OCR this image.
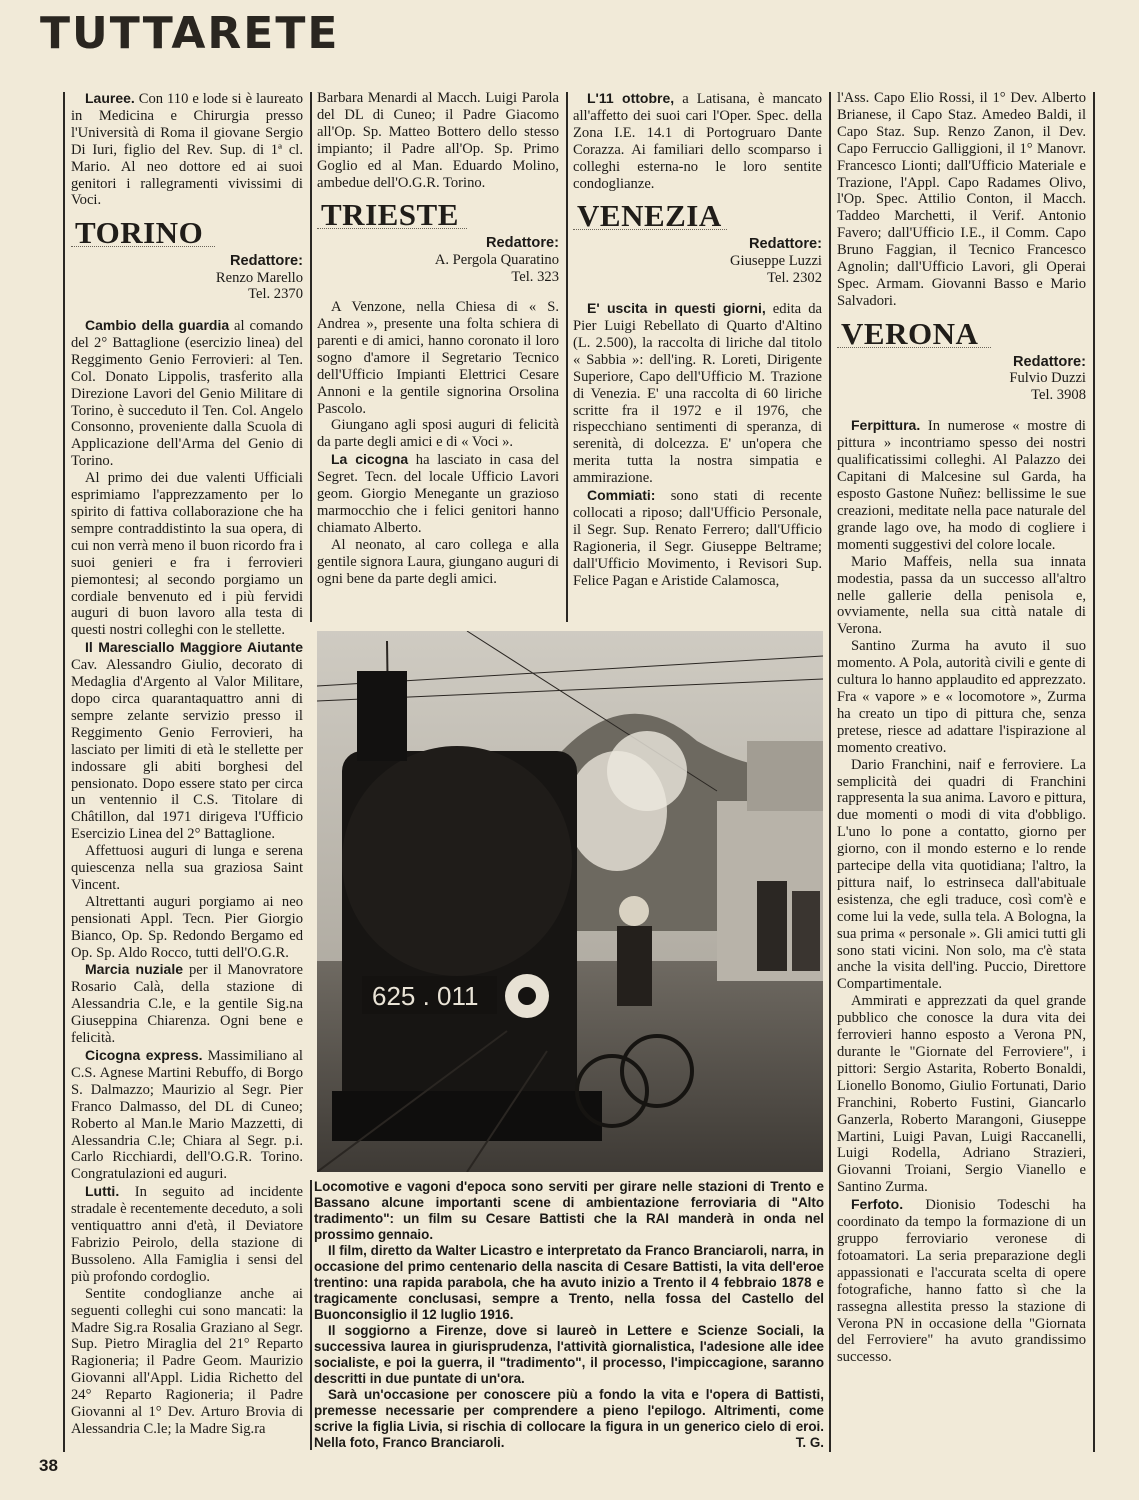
TUTTARETE

Lauree. Con 110 e lode si è laureato in Medicina e Chirurgia presso l'Università di Roma il giovane Sergio Di Iuri, figlio del Rev. Sup. di 1ª cl. Mario. Al neo dottore ed ai suoi genitori i rallegramenti vivissimi di Voci.

TORINO
Redattore:
Renzo Marello
Tel. 2370

Cambio della guardia al comando del 2° Battaglione (esercizio linea) del Reggimento Genio Ferrovieri: al Ten. Col. Donato Lippolis, trasferito alla Direzione Lavori del Genio Militare di Torino, è succeduto il Ten. Col. Angelo Consonno, proveniente dalla Scuola di Applicazione dell'Arma del Genio di Torino.

Al primo dei due valenti Ufficiali esprimiamo l'apprezzamento per lo spirito di fattiva collaborazione che ha sempre contraddistinto la sua opera, di cui non verrà meno il buon ricordo fra i suoi genieri e fra i ferrovieri piemontesi; al secondo porgiamo un cordiale benvenuto ed i più fervidi auguri di buon lavoro alla testa di questi nostri colleghi con le stellette.

Il Maresciallo Maggiore Aiutante Cav. Alessandro Giulio, decorato di Medaglia d'Argento al Valor Militare, dopo circa quarantaquattro anni di sempre zelante servizio presso il Reggimento Genio Ferrovieri, ha lasciato per limiti di età le stellette per indossare gli abiti borghesi del pensionato. Dopo essere stato per circa un ventennio il C.S. Titolare di Châtillon, dal 1971 dirigeva l'Ufficio Esercizio Linea del 2° Battaglione.

Affettuosi auguri di lunga e serena quiescenza nella sua graziosa Saint Vincent.

Altrettanti auguri porgiamo ai neo pensionati Appl. Tecn. Pier Giorgio Bianco, Op. Sp. Redondo Bergamo ed Op. Sp. Aldo Rocco, tutti dell'O.G.R.

Marcia nuziale per il Manovratore Rosario Calà, della stazione di Alessandria C.le, e la gentile Sig.na Giuseppina Chiarenza. Ogni bene e felicità.

Cicogna express. Massimiliano al C.S. Agnese Martini Rebuffo, di Borgo S. Dalmazzo; Maurizio al Segr. Pier Franco Dalmasso, del DL di Cuneo; Roberto al Man.le Mario Mazzetti, di Alessandria C.le; Chiara al Segr. p.i. Carlo Ricchiardi, dell'O.G.R. Torino. Congratulazioni ed auguri.

Lutti. In seguito ad incidente stradale è recentemente deceduto, a soli ventiquattro anni d'età, il Deviatore Fabrizio Peirolo, della stazione di Bussoleno. Alla Famiglia i sensi del più profondo cordoglio.

Sentite condoglianze anche ai seguenti colleghi cui sono mancati: la Madre Sig.ra Rosalia Graziano al Segr. Sup. Pietro Miraglia del 21° Reparto Ragioneria; il Padre Geom. Maurizio Giovanni all'Appl. Lidia Richetto del 24° Reparto Ragioneria; il Padre Giovanni al 1° Dev. Arturo Brovia di Alessandria C.le; la Madre Sig.ra

Barbara Menardi al Macch. Luigi Parola del DL di Cuneo; il Padre Giacomo all'Op. Sp. Matteo Bottero dello stesso impianto; il Padre all'Op. Sp. Primo Goglio ed al Man. Eduardo Molino, ambedue dell'O.G.R. Torino.

TRIESTE
Redattore:
A. Pergola Quaratino
Tel. 323

A Venzone, nella Chiesa di « S. Andrea », presente una folta schiera di parenti e di amici, hanno coronato il loro sogno d'amore il Segretario Tecnico dell'Ufficio Impianti Elettrici Cesare Annoni e la gentile signorina Orsolina Pascolo.

Giungano agli sposi auguri di felicità da parte degli amici e di « Voci ».

La cicogna ha lasciato in casa del Segret. Tecn. del locale Ufficio Lavori geom. Giorgio Menegante un grazioso marmocchio che i felici genitori hanno chiamato Alberto.

Al neonato, al caro collega e alla gentile signora Laura, giungano auguri di ogni bene da parte degli amici.

L'11 ottobre, a Latisana, è mancato all'affetto dei suoi cari l'Oper. Spec. della Zona I.E. 14.1 di Portogruaro Dante Corazza. Ai familiari dello scomparso i colleghi esterna-no le loro sentite condoglianze.

VENEZIA
Redattore:
Giuseppe Luzzi
Tel. 2302

E' uscita in questi giorni, edita da Pier Luigi Rebellato di Quarto d'Altino (L. 2.500), la raccolta di liriche dal titolo « Sabbia »: dell'ing. R. Loreti, Dirigente Superiore, Capo dell'Ufficio M. Trazione di Venezia. E' una raccolta di 60 liriche scritte fra il 1972 e il 1976, che rispecchiano sentimenti di speranza, di serenità, di dolcezza. E' un'opera che merita tutta la nostra simpatia e ammirazione.

Commiati: sono stati di recente collocati a riposo; dall'Ufficio Personale, il Segr. Sup. Renato Ferrero; dall'Ufficio Ragioneria, il Segr. Giuseppe Beltrame; dall'Ufficio Movimento, i Revisori Sup. Felice Pagan e Aristide Calamosca,

l'Ass. Capo Elio Rossi, il 1° Dev. Alberto Brianese, il Capo Staz. Amedeo Baldi, il Capo Staz. Sup. Renzo Zanon, il Dev. Capo Ferruccio Galliggioni, il 1° Manovr. Francesco Lionti; dall'Ufficio Materiale e Trazione, l'Appl. Capo Radames Olivo, l'Op. Spec. Attilio Conton, il Macch. Taddeo Marchetti, il Verif. Antonio Favero; dall'Ufficio I.E., il Comm. Capo Bruno Faggian, il Tecnico Francesco Agnolin; dall'Ufficio Lavori, gli Operai Spec. Armam. Giovanni Basso e Mario Salvadori.

VERONA
Redattore:
Fulvio Duzzi
Tel. 3908

Ferpittura. In numerose « mostre di pittura » incontriamo spesso dei nostri qualificatissimi colleghi. Al Palazzo dei Capitani di Malcesine sul Garda, ha esposto Gastone Nuñez: bellissime le sue creazioni, meditate nella pace naturale del grande lago ove, ha modo di cogliere i momenti suggestivi del colore locale.

Mario Maffeis, nella sua innata modestia, passa da un successo all'altro nelle gallerie della penisola e, ovviamente, nella sua città natale di Verona.

Santino Zurma ha avuto il suo momento. A Pola, autorità civili e gente di cultura lo hanno applaudito ed apprezzato. Fra « vapore » e « locomotore », Zurma ha creato un tipo di pittura che, senza pretese, riesce ad adattare l'ispirazione al momento creativo.

Dario Franchini, naif e ferroviere. La semplicità dei quadri di Franchini rappresenta la sua anima. Lavoro e pittura, due momenti o modi di vita d'obbligo. L'uno lo pone a contatto, giorno per giorno, con il mondo esterno e lo rende partecipe della vita quotidiana; l'altro, la pittura naif, lo estrinseca dall'abituale esistenza, che egli traduce, così com'è e come lui la vede, sulla tela. A Bologna, la sua prima « personale ». Gli amici tutti gli sono stati vicini. Non solo, ma c'è stata anche la visita dell'ing. Puccio, Direttore Compartimentale.

Ammirati e apprezzati da quel grande pubblico che conosce la dura vita dei ferrovieri hanno esposto a Verona PN, durante le "Giornate del Ferroviere", i pittori: Sergio Astarita, Roberto Bonaldi, Lionello Bonomo, Giulio Fortunati, Dario Franchini, Roberto Fustini, Giancarlo Ganzerla, Roberto Marangoni, Giuseppe Martini, Luigi Pavan, Luigi Raccanelli, Luigi Rodella, Adriano Strazieri, Giovanni Troiani, Sergio Vianello e Santino Zurma.

Ferfoto. Dionisio Todeschi ha coordinato da tempo la formazione di un gruppo ferroviario veronese di fotoamatori. La seria preparazione degli appassionati e l'accurata scelta di opere fotografiche, hanno fatto sì che la rassegna allestita presso la stazione di Verona PN in occasione della "Giornata del Ferroviere" ha avuto grandissimo successo.

625 . 011

Locomotive e vagoni d'epoca sono serviti per girare nelle stazioni di Trento e Bassano alcune importanti scene di ambientazione ferroviaria di "Alto tradimento": un film su Cesare Battisti che la RAI manderà in onda nel prossimo gennaio.

Il film, diretto da Walter Licastro e interpretato da Franco Branciaroli, narra, in occasione del primo centenario della nascita di Cesare Battisti, la vita dell'eroe trentino: una rapida parabola, che ha avuto inizio a Trento il 4 febbraio 1878 e tragicamente conclusasi, sempre a Trento, nella fossa del Castello del Buonconsiglio il 12 luglio 1916.

Il soggiorno a Firenze, dove si laureò in Lettere e Scienze Sociali, la successiva laurea in giurisprudenza, l'attività giornalistica, l'adesione alle idee socialiste, e poi la guerra, il "tradimento", il processo, l'impiccagione, saranno descritti in due puntate di un'ora.

Sarà un'occasione per conoscere più a fondo la vita e l'opera di Battisti, premesse necessarie per comprendere a pieno l'epilogo. Altrimenti, come scrive la figlia Livia, si rischia di collocare la figura in un generico cielo di eroi. Nella foto, Franco Branciaroli.	T. G.

38
